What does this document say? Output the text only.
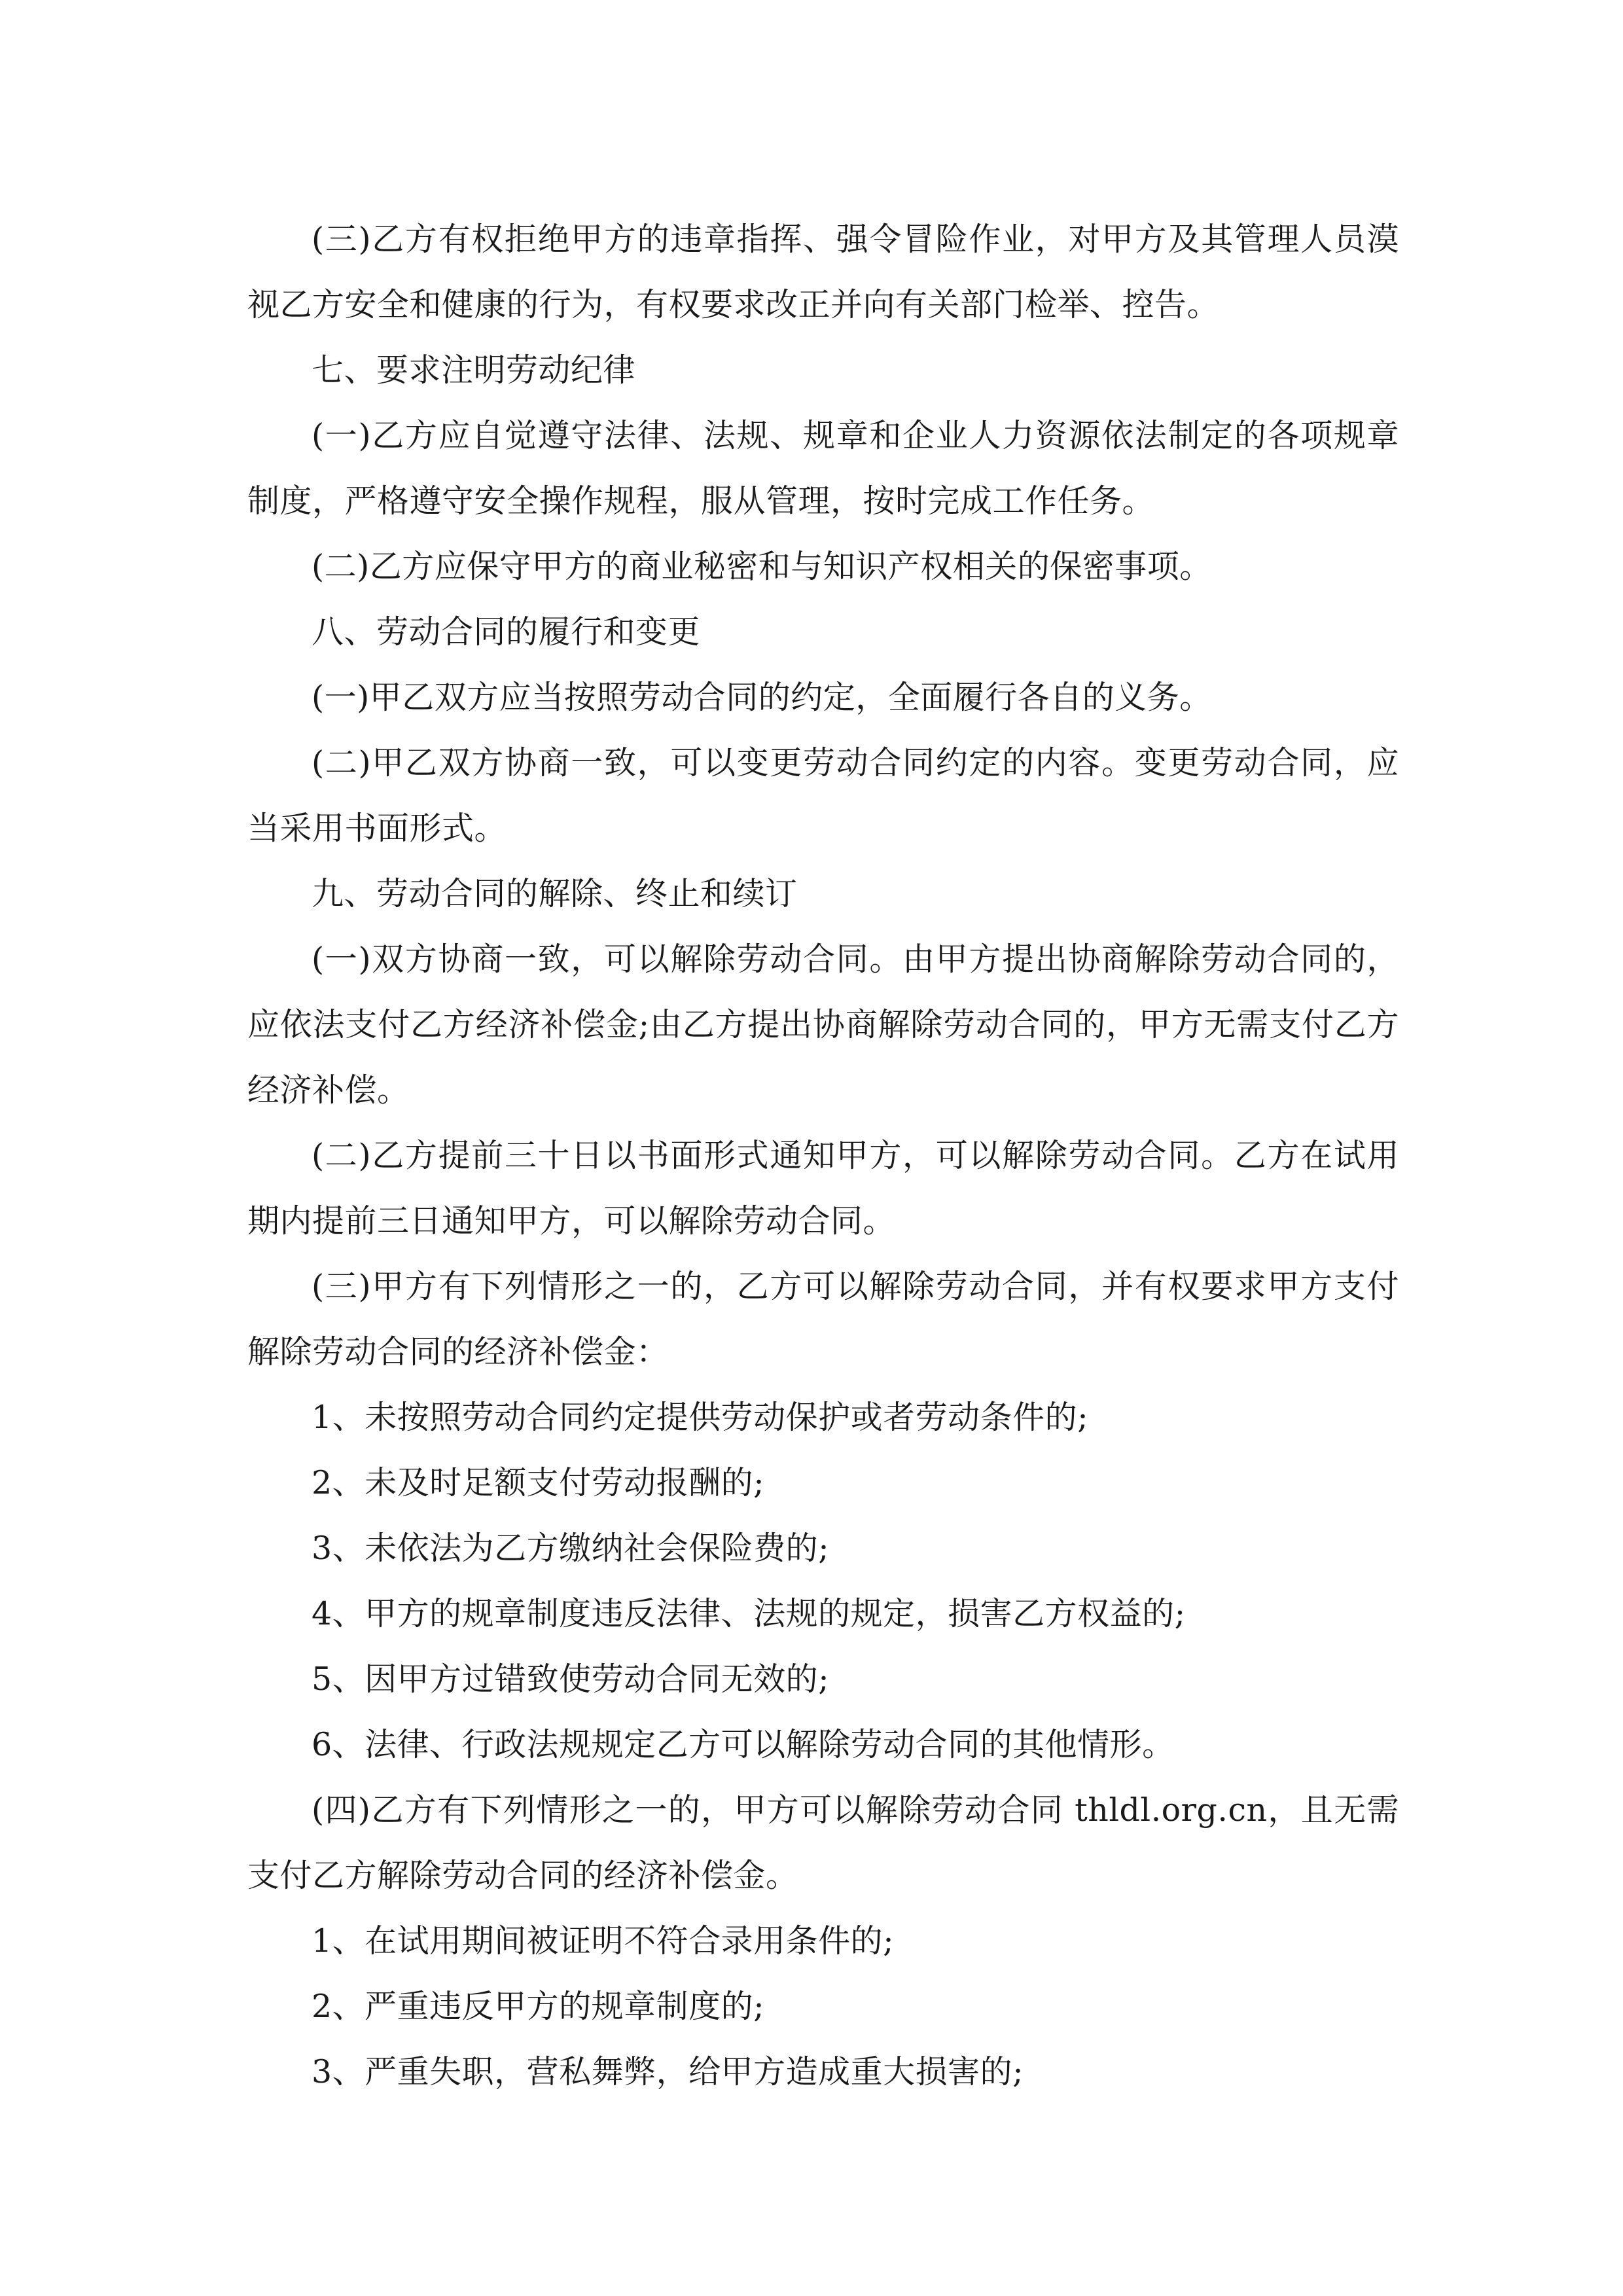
(三)乙方有权拒绝甲方的违章指挥、强令冒险作业，对甲方及其管理人员漠视乙方安全和健康的行为，有权要求改正并向有关部门检举、控告。

七、要求注明劳动纪律

(一)乙方应自觉遵守法律、法规、规章和企业人力资源依法制定的各项规章制度，严格遵守安全操作规程，服从管理，按时完成工作任务。

(二)乙方应保守甲方的商业秘密和与知识产权相关的保密事项。

八、劳动合同的履行和变更

(一)甲乙双方应当按照劳动合同的约定，全面履行各自的义务。

(二)甲乙双方协商一致，可以变更劳动合同约定的内容。变更劳动合同，应当采用书面形式。

九、劳动合同的解除、终止和续订

(一)双方协商一致，可以解除劳动合同。由甲方提出协商解除劳动合同的，应依法支付乙方经济补偿金;由乙方提出协商解除劳动合同的，甲方无需支付乙方经济补偿。

(二)乙方提前三十日以书面形式通知甲方，可以解除劳动合同。乙方在试用期内提前三日通知甲方，可以解除劳动合同。

(三)甲方有下列情形之一的，乙方可以解除劳动合同，并有权要求甲方支付解除劳动合同的经济补偿金：

1、未按照劳动合同约定提供劳动保护或者劳动条件的;

2、未及时足额支付劳动报酬的;

3、未依法为乙方缴纳社会保险费的;

4、甲方的规章制度违反法律、法规的规定，损害乙方权益的;

5、因甲方过错致使劳动合同无效的;

6、法律、行政法规规定乙方可以解除劳动合同的其他情形。

(四)乙方有下列情形之一的，甲方可以解除劳动合同 thldl.org.cn，且无需支付乙方解除劳动合同的经济补偿金。

1、在试用期间被证明不符合录用条件的;

2、严重违反甲方的规章制度的;

3、严重失职，营私舞弊，给甲方造成重大损害的;
